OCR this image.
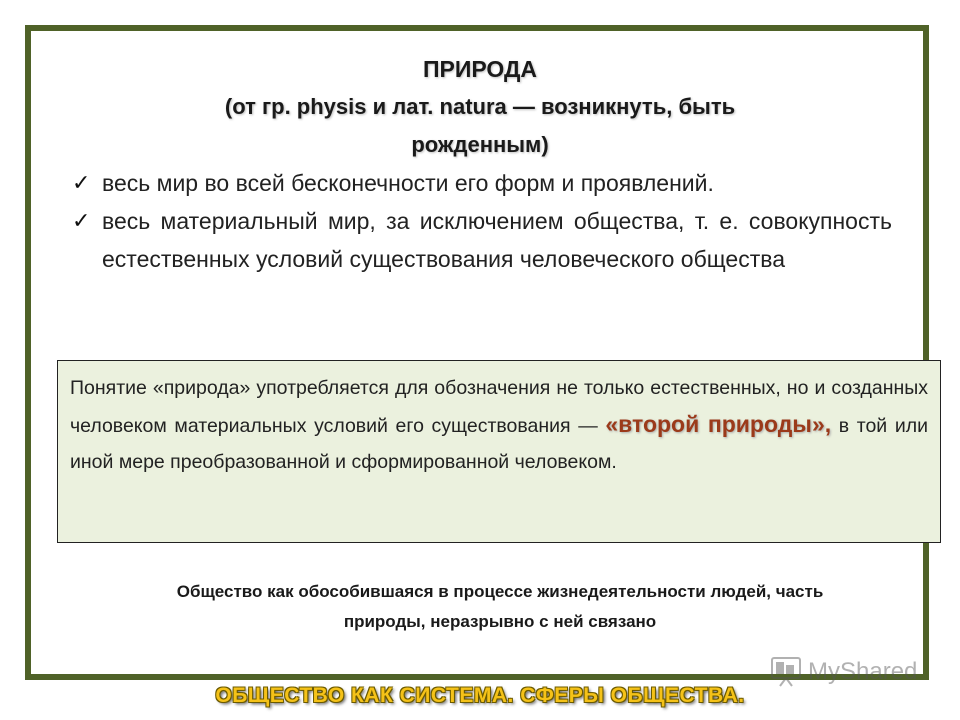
ПРИРОДА
(от гр. physis и лат. natura — возникнуть, быть
рожденным)
✓ весь мир во всей бесконечности его форм и проявлений.
✓ весь материальный мир, за исключением общества, т. е. совокупность естественных условий существования человеческого общества
Понятие «природа» употребляется для обозначения не только естественных, но и созданных человеком материальных условий его существования — «второй природы», в той или иной мере преобразованной и сформированной человеком.
Общество как обособившаяся в процессе жизнедеятельности людей, часть
природы, неразрывно с ней связано
ОБЩЕСТВО КАК СИСТЕМА. СФЕРЫ ОБЩЕСТВА.
MyShared
